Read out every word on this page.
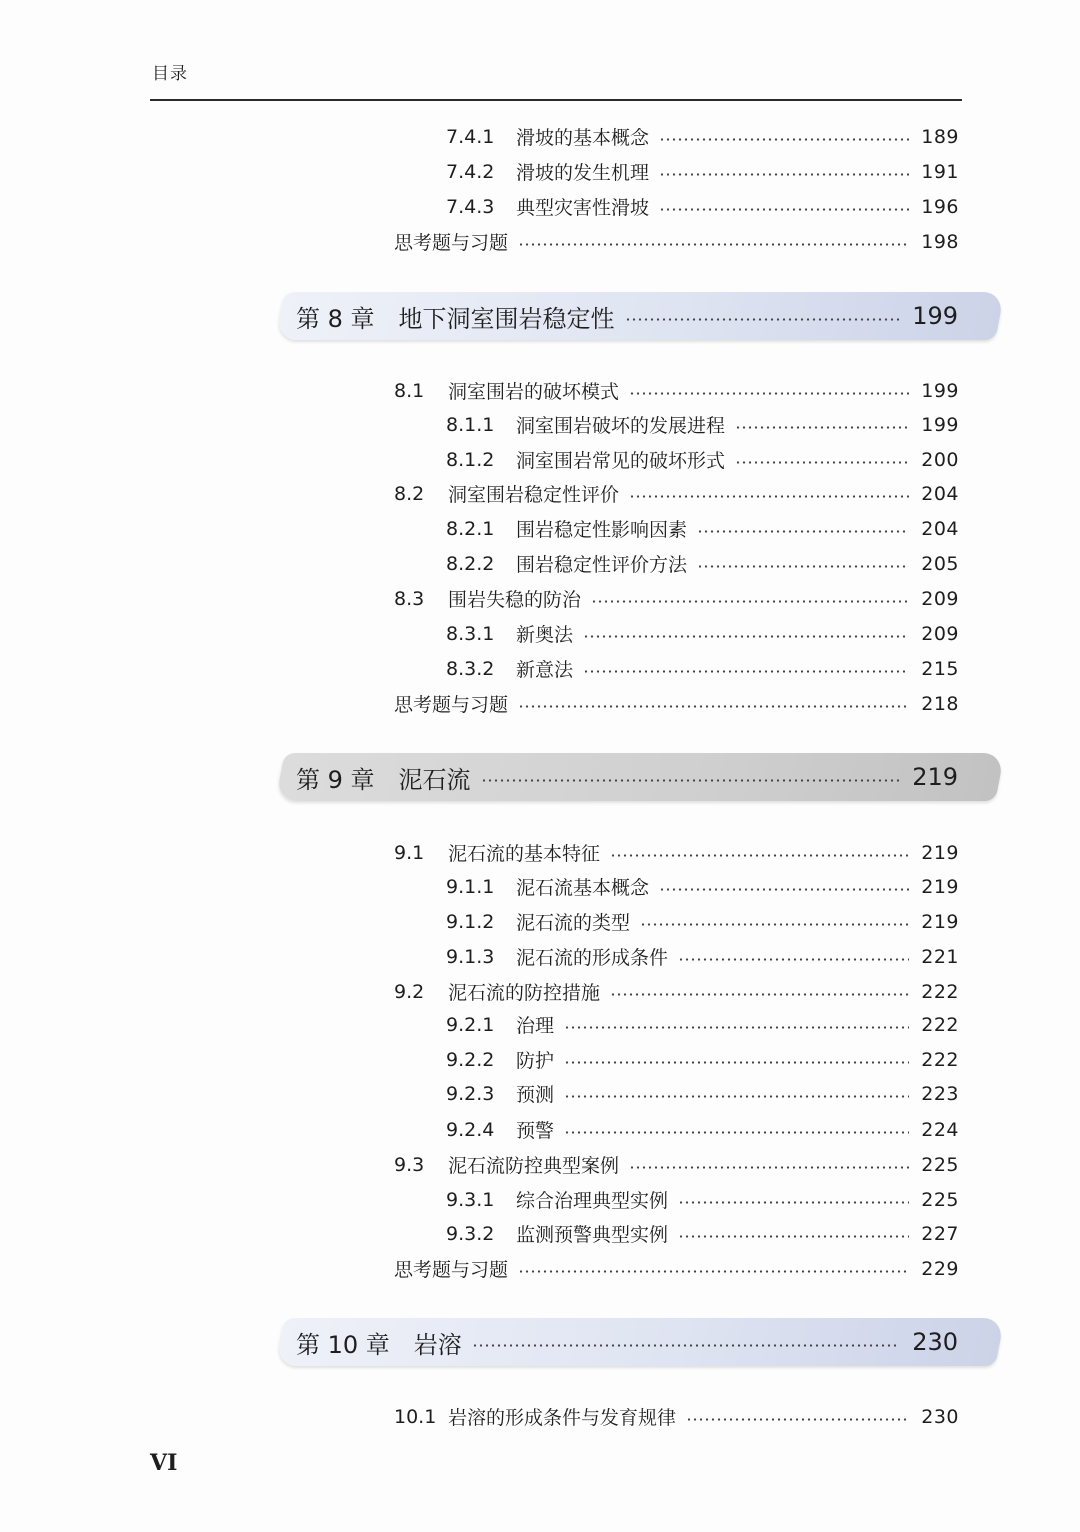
目录
7.4.1	滑坡的基本概念	189
7.4.2	滑坡的发生机理	191
7.4.3	典型灾害性滑坡	196
思考题与习题	198
第 8 章 地下洞室围岩稳定性	199
8.1	洞室围岩的破坏模式	199
8.1.1	洞室围岩破坏的发展进程	199
8.1.2	洞室围岩常见的破坏形式	200
8.2	洞室围岩稳定性评价	204
8.2.1	围岩稳定性影响因素	204
8.2.2	围岩稳定性评价方法	205
8.3	围岩失稳的防治	209
8.3.1	新奥法	209
8.3.2	新意法	215
思考题与习题	218
第 9 章 泥石流	219
9.1	泥石流的基本特征	219
9.1.1	泥石流基本概念	219
9.1.2	泥石流的类型	219
9.1.3	泥石流的形成条件	221
9.2	泥石流的防控措施	222
9.2.1	治理	222
9.2.2	防护	222
9.2.3	预测	223
9.2.4	预警	224
9.3	泥石流防控典型案例	225
9.3.1	综合治理典型实例	225
9.3.2	监测预警典型实例	227
思考题与习题	229
第 10 章 岩溶	230
10.1 岩溶的形成条件与发育规律	230
VI
